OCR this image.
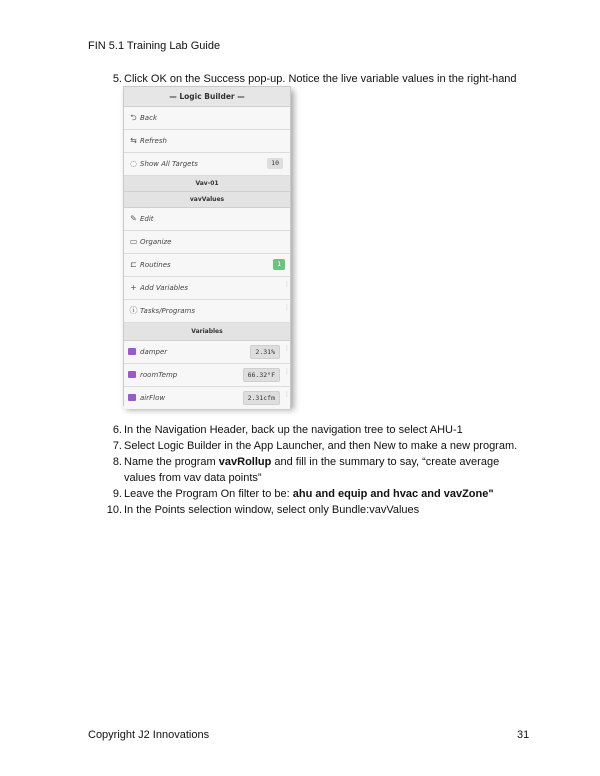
FIN 5.1 Training Lab Guide
5. Click OK on the Success pop-up. Notice the live variable values in the right-hand
— Logic Builder —
⮌ Back
⇆ Refresh
◌ Show All Targets	10
Vav-01
vavValues
✎ Edit
▭ Organize
⊏ Routines	1
+ Add Variables	⋮
ⓘ Tasks/Programs	⋮
Variables
damper	2.31%	⋮
roomTemp	66.32°F	⋮
airFlow	2.31cfm	⋮
6. In the Navigation Header, back up the navigation tree to select AHU-1
7. Select Logic Builder in the App Launcher, and then New to make a new program.
8. Name the program vavRollup and fill in the summary to say, “create average values from vav data points”
9. Leave the Program On filter to be: ahu and equip and hvac and vavZone"
10. In the Points selection window, select only Bundle:vavValues
Copyright J2 Innovations	31
